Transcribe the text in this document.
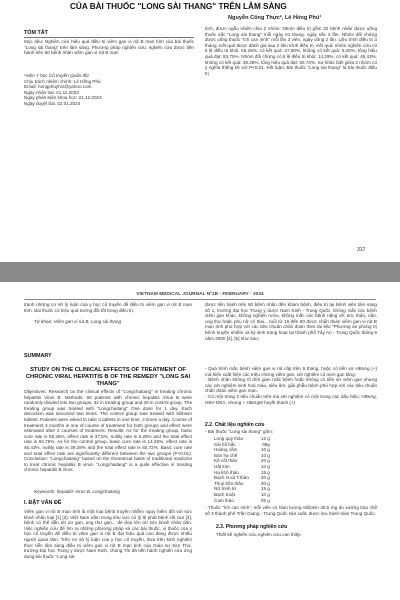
CỦA BÀI THUỐC "LONG SÀI THANG" TRÊN LÂM SÀNG
Nguyễn Công Thực², Lê Hồng Phú¹
TÓM TẮT
Mục tiêu: Nghiên cứu hiệu quả điều trị viêm gan vi rút B mạn tính của bài thuốc "Long sài thang" trên lâm sàng. Phương pháp nghiên cứu: nghiên cứu được tiến hành trên 60 bệnh nhân viêm gan vi rút B mạn
tính, được ngẫu nhiên chia 2 nhóm: Nhóm điều trị gồm 32 bệnh nhân được uống thuốc sắc "Long sài thang" mỗi ngày 01 thang, ngày sắc 2 lần. Nhóm đối chứng được uống thuốc "Ích can ninh" mỗi lần 3 viên, ngày uống 2 lần. Liệu trình điều trị 3 tháng. Kết quả được đánh giá sau 2 liệu trình điều trị. Kết quả: nhóm nghiên cứu có tỉ lệ điều trị khỏi: 56,25%, có kết quả: 37,50%, không có kết quả: 6,25%, tổng hiệu quả đạt: 93,75%. Nhóm đối chứng có tỉ lệ điều trị khỏi: 14,29%, có kết quả: 46,43%, không có kết quả: 39,28%, tổng hiệu quả đạt: 60,72%. Sự khác biệt giữa 2 nhóm có ý nghĩa thống kê với P<0,01. Kết luận: Bài thuốc "Long sài thang" là bài thuốc điều trị
¹Viện Y học Cổ truyền Quân đội
Chịu trách nhiệm chính: Lê Hồng Phú
Email: hongphuyhct@yahoo.com
Ngày nhận bài: 21.11.2023
Ngày phản biện khoa học: 21.12.2023
Ngày duyệt bài: 22.01.2024
317
VIETNAM MEDICAL JOURNAL Nº1B - FEBRUARY - 2024
tránh những cơ sở lý luận của y học cổ truyền để điều trị viêm gan vi rút B mạn tính. Bài thuốc có hiệu quả tương đối tốt trong điều trị.
Từ khoá: Viêm gan vi rút B, Long sài thang
SUMMARY
STUDY ON THE CLINICAL EFFECTS OF TREATMENT OF CHRONIC VIRAL HEPATITIS B OF THE REMEDY "LONG SAI THANG"
Objectives: Research on the clinical effects of "Longchaitang" in treating chronic hepatitis Virus B. Methods: 60 patients with chronic hepatitis Virus B were randomly divided into two groups, 32 in treating group and 28 in control group. The treating group was treated with "Longchaitang" One dose for 1 day. Each decoction was decocted two times. The control group was treated with Silibinin tablets. Patients were asked to take 3 tablets in one time, 2 times a day. Course of treatment 3 months is one of course of treatment for both groups and effect were estimated after 2 courses of treatment. Results: As for the treating group, basic cure rate is 56.25%, effect rate is 37.5%, nullity rate is 6.25% and the total effect rate is 93.75%. As for the control group, basic cure rate is 14.29%, effect rate is 46.43%, nullity rate is 39.28% and the total effect rate is 60.72%. Basic cure rate and total effect rate are significantly different between the two groups (P<0.01). Conclusion: "Longchaitang" based on the theoretical basis of traditional medicine to treat chronic hepatitis B virus. "Longchaitang" is a quite effective in treating chronic hepatitis B virus.
Keywords: hepatitis Virus B, Longchaitang
I. ĐẶT VẤN ĐỀ
Viêm gan vi rút B mạn tính là một loại bệnh truyền nhiễm nguy hiểm đối với sức khoẻ nhân loại [1] [2]. Việt Nam nằm trong khu vực có tỷ lệ phát bệnh rất cao [3], bệnh có thể dẫn tới xơ gan, ung thư gan... đe doạ lớn tới sức khoẻ nhân dân. Việc nghiên cứu để tìm ra những phương pháp và các bài thuốc, vị thuốc của y học cổ truyền để điều trị viêm gan vi rút B đạt hiệu quả cao đang được nhiều người quan tâm. Trên cơ sở lý luận của y học cổ truyền, đưa trên kinh nghiệm thực tiễn lâm sàng điều trị viêm gan vi rút B mạn tính của Giáo sư Kim Thư, trường Đại học Trung y dược Nam Kinh, chúng Tôi đã tiến hành nghiên cứu ứng dụng bài thuốc "Long sài
được tiến hành trên 60 bệnh nhân đến khám bệnh, điều trị tại bệnh viện tâm sáng số 1, trường đại học Trung y dược Nam Kinh - Trung Quốc, không mắc các bệnh viêm gan khác, không nghiện rượu, không mắc các bệnh nặng về: tim, thận, não, ung thư hoặc phụ nữ có thai... tuổi từ 16 đến 60 được chẩn đoán viêm gan vi rút B mạn tính phù hợp với các tiêu chuẩn chẩn đoán theo tài liệu "Phương án phòng trị bệnh truyền nhiễm và ký sinh trùng hoạt tại thành phố Tây An - Trung Quốc tháng 9 năm 2000 [4], [5] như sau:
- Quá trình mắc bệnh viêm gan vi rút cấp trên 6 tháng, hoặc có tiền sử HBsAg (+) mà hiện xuất hiện các triệu chứng viêm gan, xét nghiệm có men gan tăng.
- Bệnh nhân không rõ thời gian mắc bệnh hoặc không có tiền sử viêm gan nhưng các xét nghiệm sinh hoá máu, siêu âm, giải phẫu bệnh phù hợp với các tiêu chuẩn chẩn đoán viêm gan mạn.
- Có một trong 2 tiêu chuẩn trên mà xét nghiệm có một trong các dấu hiệu: HBsAg, HBV-DNA, nhưng + HBcIgM huyết thanh (+)
2.2. Chất liệu nghiên cứu
- Bài thuốc "Long sài thang" gồm:
Long quỳ thảo	12 g
Sài hồ bắc	08g
Hoàng cầm	10 g
Bán hạ chế	10 g
Kê cốt thảo	20 g
Uất kim	10 g
Hạ khô thảo	15 g
Bạch H.xà T.thảo	30 g
Thuỷ bồn thảo	30 g
Nữ trinh tử	15 g
Bạch truật	10 g
Cam thảo	05 g
- Thuốc "Ích can ninh", mỗi viên có hàm lượng Silibinin 38,5 mg do xưởng bào chế số 3 thành phố Trấn Giang - Trung Quốc sản xuất, được lưu hành toàn Trung Quốc.
2.3. Phương pháp nghiên cứu
Thiết kế nghiên cứu nghiên cứu can thiệp
